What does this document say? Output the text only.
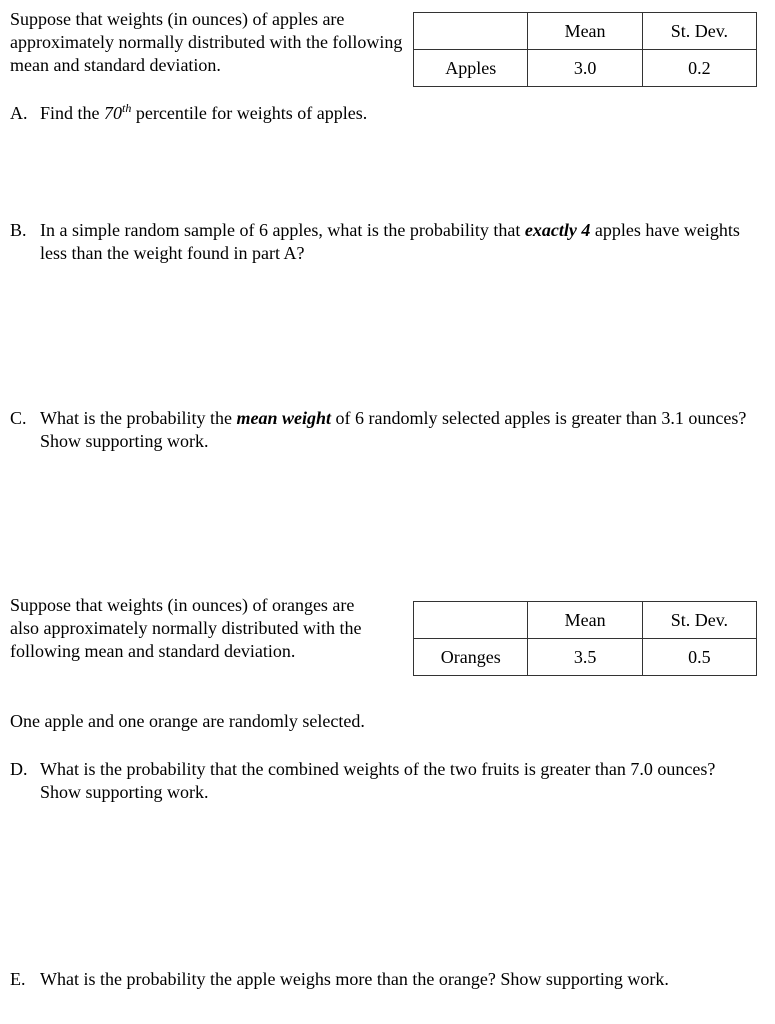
Suppose that weights (in ounces) of apples are approximately normally distributed with the following mean and standard deviation.

	Mean	St. Dev.
Apples	3.0	0.2

A. Find the 70th percentile for weights of apples.

B. In a simple random sample of 6 apples, what is the probability that exactly 4 apples have weights less than the weight found in part A?

C. What is the probability the mean weight of 6 randomly selected apples is greater than 3.1 ounces? Show supporting work.

Suppose that weights (in ounces) of oranges are also approximately normally distributed with the following mean and standard deviation.

	Mean	St. Dev.
Oranges	3.5	0.5

One apple and one orange are randomly selected.

D. What is the probability that the combined weights of the two fruits is greater than 7.0 ounces? Show supporting work.

E. What is the probability the apple weighs more than the orange? Show supporting work.
